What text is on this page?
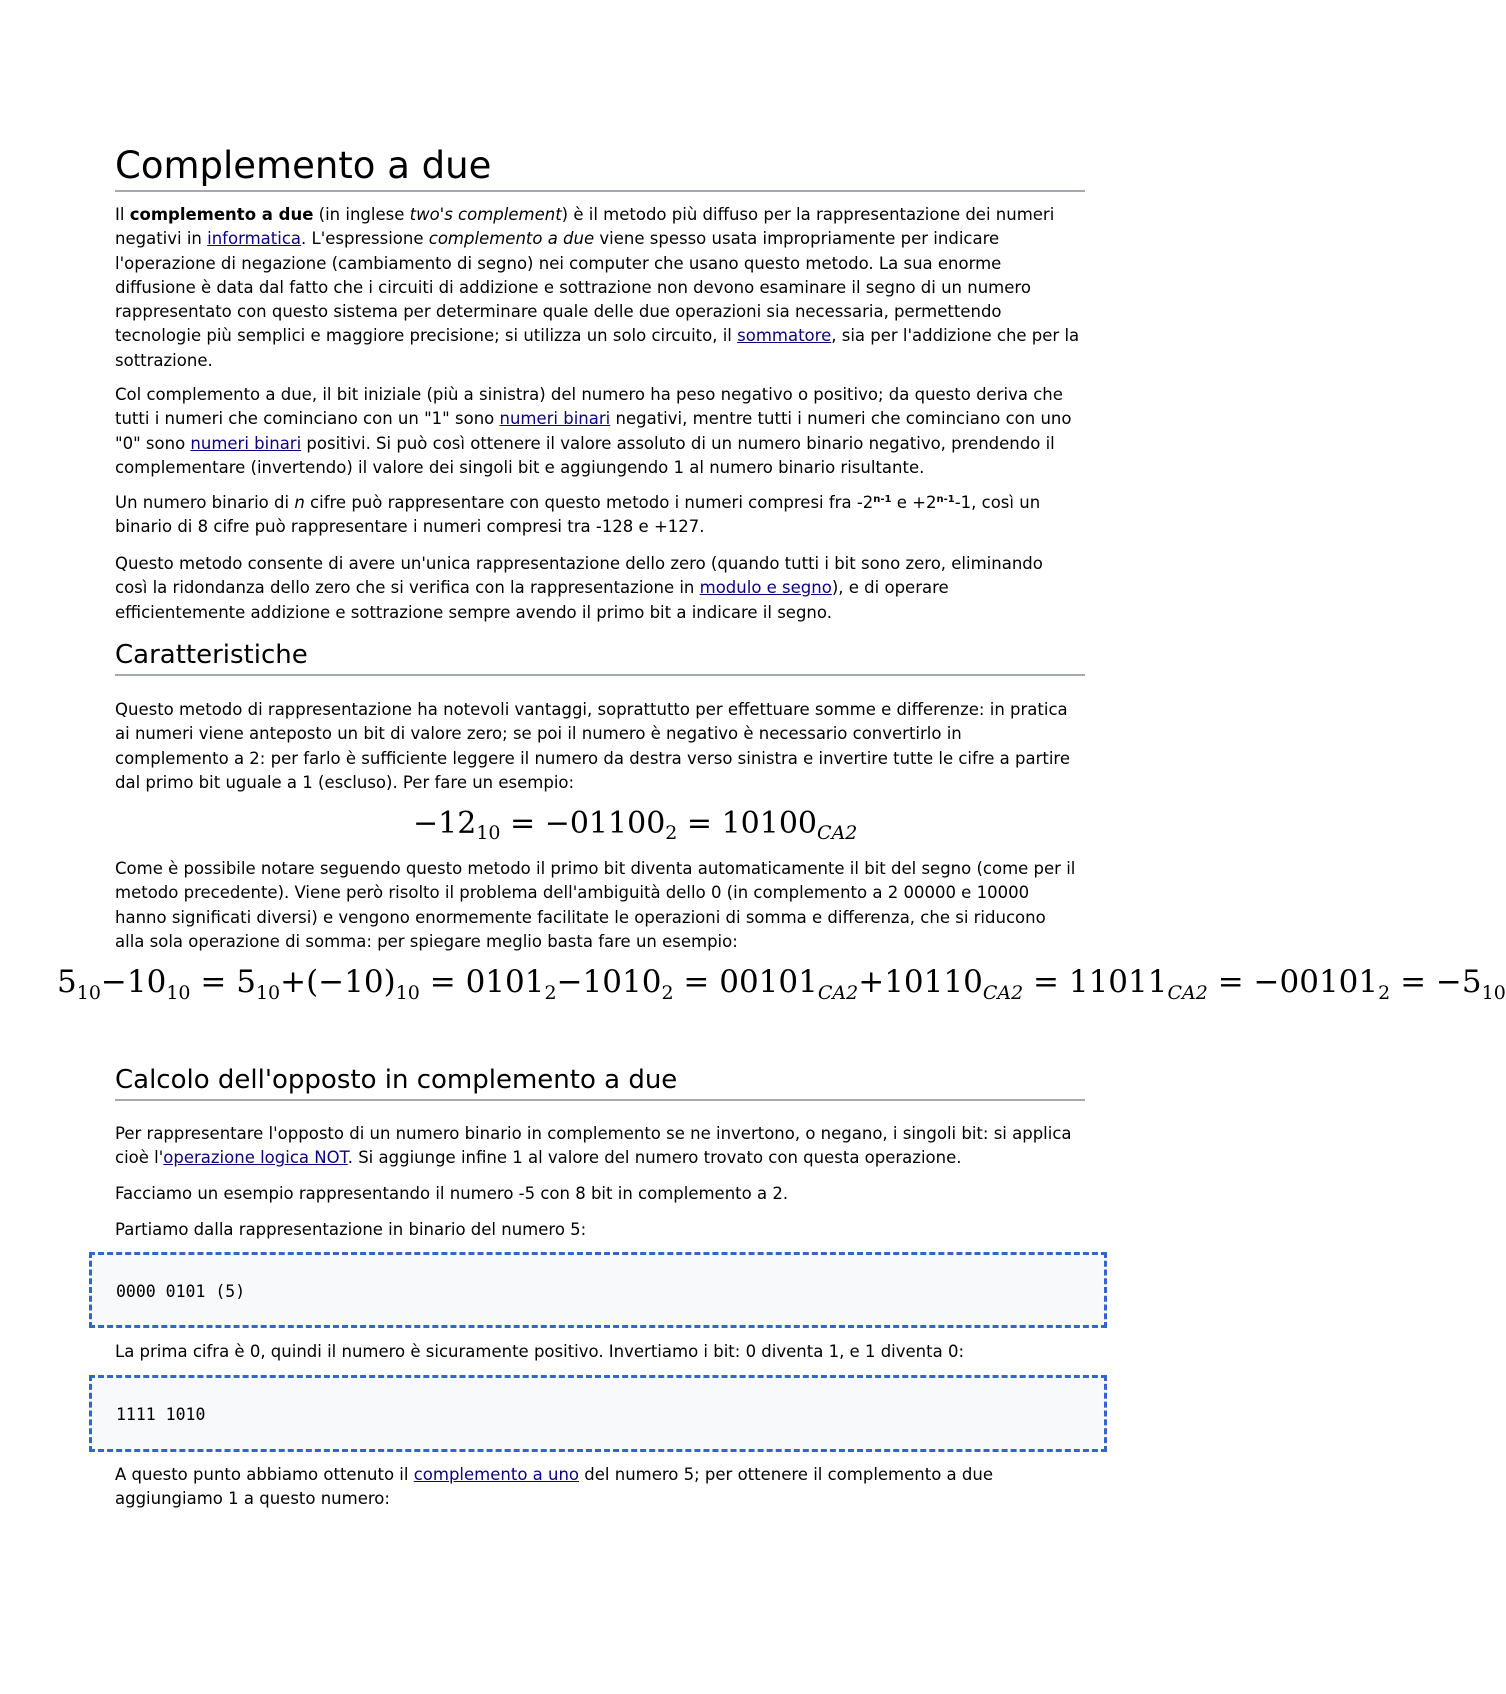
Complemento a due

Il complemento a due (in inglese two's complement) è il metodo più diffuso per la rappresentazione dei numeri negativi in informatica. L'espressione complemento a due viene spesso usata impropriamente per indicare l'operazione di negazione (cambiamento di segno) nei computer che usano questo metodo. La sua enorme diffusione è data dal fatto che i circuiti di addizione e sottrazione non devono esaminare il segno di un numero rappresentato con questo sistema per determinare quale delle due operazioni sia necessaria, permettendo tecnologie più semplici e maggiore precisione; si utilizza un solo circuito, il sommatore, sia per l'addizione che per la sottrazione.

Col complemento a due, il bit iniziale (più a sinistra) del numero ha peso negativo o positivo; da questo deriva che tutti i numeri che cominciano con un "1" sono numeri binari negativi, mentre tutti i numeri che cominciano con uno "0" sono numeri binari positivi. Si può così ottenere il valore assoluto di un numero binario negativo, prendendo il complementare (invertendo) il valore dei singoli bit e aggiungendo 1 al numero binario risultante.

Un numero binario di n cifre può rappresentare con questo metodo i numeri compresi fra -2$^{n-1}$ $e +2^{n-1}-1$, così un binario di 8 cifre può rappresentare i numeri compresi tra -128 e +127.

Questo metodo consente di avere un'unica rappresentazione dello zero (quando tutti i bit sono zero, eliminando così la ridondanza dello zero che si verifica con la rappresentazione in modulo e segno), e di operare efficientemente addizione e sottrazione sempre avendo il primo bit a indicare il segno.

Caratteristiche

Questo metodo di rappresentazione ha notevoli vantaggi, soprattutto per effettuare somme e differenze: in pratica ai numeri viene anteposto un bit di valore zero; se poi il numero è negativo è necessario convertirlo in complemento a 2: per farlo è sufficiente leggere il numero da destra verso sinistra e invertire tutte le cifre a partire dal primo bit uguale a 1 (escluso). Per fare un esempio:

Come è possibile notare seguendo questo metodo il primo bit diventa automaticamente il bit del segno (come per il metodo precedente). Viene però risolto il problema dell'ambiguità dello 0 (in complemento a 2 00000 e 10000 hanno significati diversi) e vengono enormemente facilitate le operazioni di somma e differenza, che si riducono alla sola operazione di somma: per spiegare meglio basta fare un esempio:

Calcolo dell'opposto in complemento a due

Per rappresentare l'opposto di un numero binario in complemento se ne invertono, o negano, i singoli bit: si applica cioè l'operazione logica NOT. Si aggiunge infine 1 al valore del numero trovato con questa operazione.

Facciamo un esempio rappresentando il numero -5 con 8 bit in complemento a 2.

Partiamo dalla rappresentazione in binario del numero 5:

La prima cifra è 0, quindi il numero è sicuramente positivo. Invertiamo i bit: 0 diventa 1, e 1 diventa 0:

A questo punto abbiamo ottenuto il complemento a uno del numero 5; per ottenere il complemento a due aggiungiamo 1 a questo numero:

$-12_{10} = -01100_2 = 10100_{CA2}$
$5_{10}-10_{10} = 5_{10}+(-10)_{10} = 0101_2-1010_2 = 00101_{CA2}+10110_{CA2} = 11011_{CA2} = -00101_2 = -5_{10}$
0000 0101 (5)
1111 1010
